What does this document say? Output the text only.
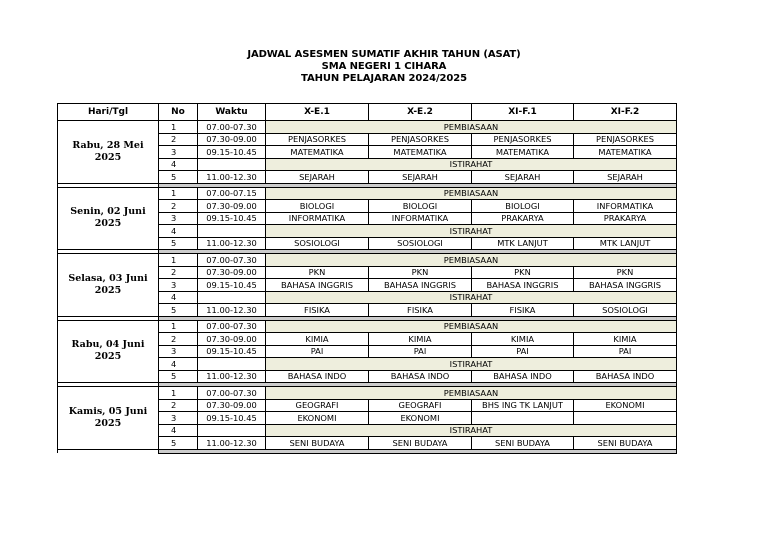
JADWAL ASESMEN SUMATIF AKHIR TAHUN (ASAT)
SMA NEGERI 1 CIHARA
TAHUN PELAJARAN 2024/2025
Hari/Tgl	No	Waktu	X-E.1	X-E.2	XI-F.1	XI-F.2
Rabu, 28 Mei 2025	1	07.00-07.30	PEMBIASAAN			
	2	07.30-09.00	PENJASORKES	PENJASORKES	PENJASORKES	PENJASORKES
	3	09.15-10.45	MATEMATIKA	MATEMATIKA	MATEMATIKA	MATEMATIKA
	4		ISTIRAHAT			
	5	11.00-12.30	SEJARAH	SEJARAH	SEJARAH	SEJARAH

Senin, 02 Juni 2025	1	07.00-07.15	PEMBIASAAN			
	2	07.30-09.00	BIOLOGI	BIOLOGI	BIOLOGI	INFORMATIKA
	3	09.15-10.45	INFORMATIKA	INFORMATIKA	PRAKARYA	PRAKARYA
	4		ISTIRAHAT			
	5	11.00-12.30	SOSIOLOGI	SOSIOLOGI	MTK LANJUT	MTK LANJUT

Selasa, 03 Juni 2025	1	07.00-07.30	PEMBIASAAN			
	2	07.30-09.00	PKN	PKN	PKN	PKN
	3	09.15-10.45	BAHASA INGGRIS	BAHASA INGGRIS	BAHASA INGGRIS	BAHASA INGGRIS
	4		ISTIRAHAT			
	5	11.00-12.30	FISIKA	FISIKA	FISIKA	SOSIOLOGI

Rabu, 04 Juni 2025	1	07.00-07.30	PEMBIASAAN			
	2	07.30-09.00	KIMIA	KIMIA	KIMIA	KIMIA
	3	09.15-10.45	PAI	PAI	PAI	PAI
	4		ISTIRAHAT			
	5	11.00-12.30	BAHASA INDO	BAHASA INDO	BAHASA INDO	BAHASA INDO

Kamis, 05 Juni 2025	1	07.00-07.30	PEMBIASAAN			
	2	07.30-09.00	GEOGRAFI	GEOGRAFI	BHS ING TK LANJUT	EKONOMI
	3	09.15-10.45	EKONOMI	EKONOMI		
	4		ISTIRAHAT			
	5	11.00-12.30	SENI BUDAYA	SENI BUDAYA	SENI BUDAYA	SENI BUDAYA
